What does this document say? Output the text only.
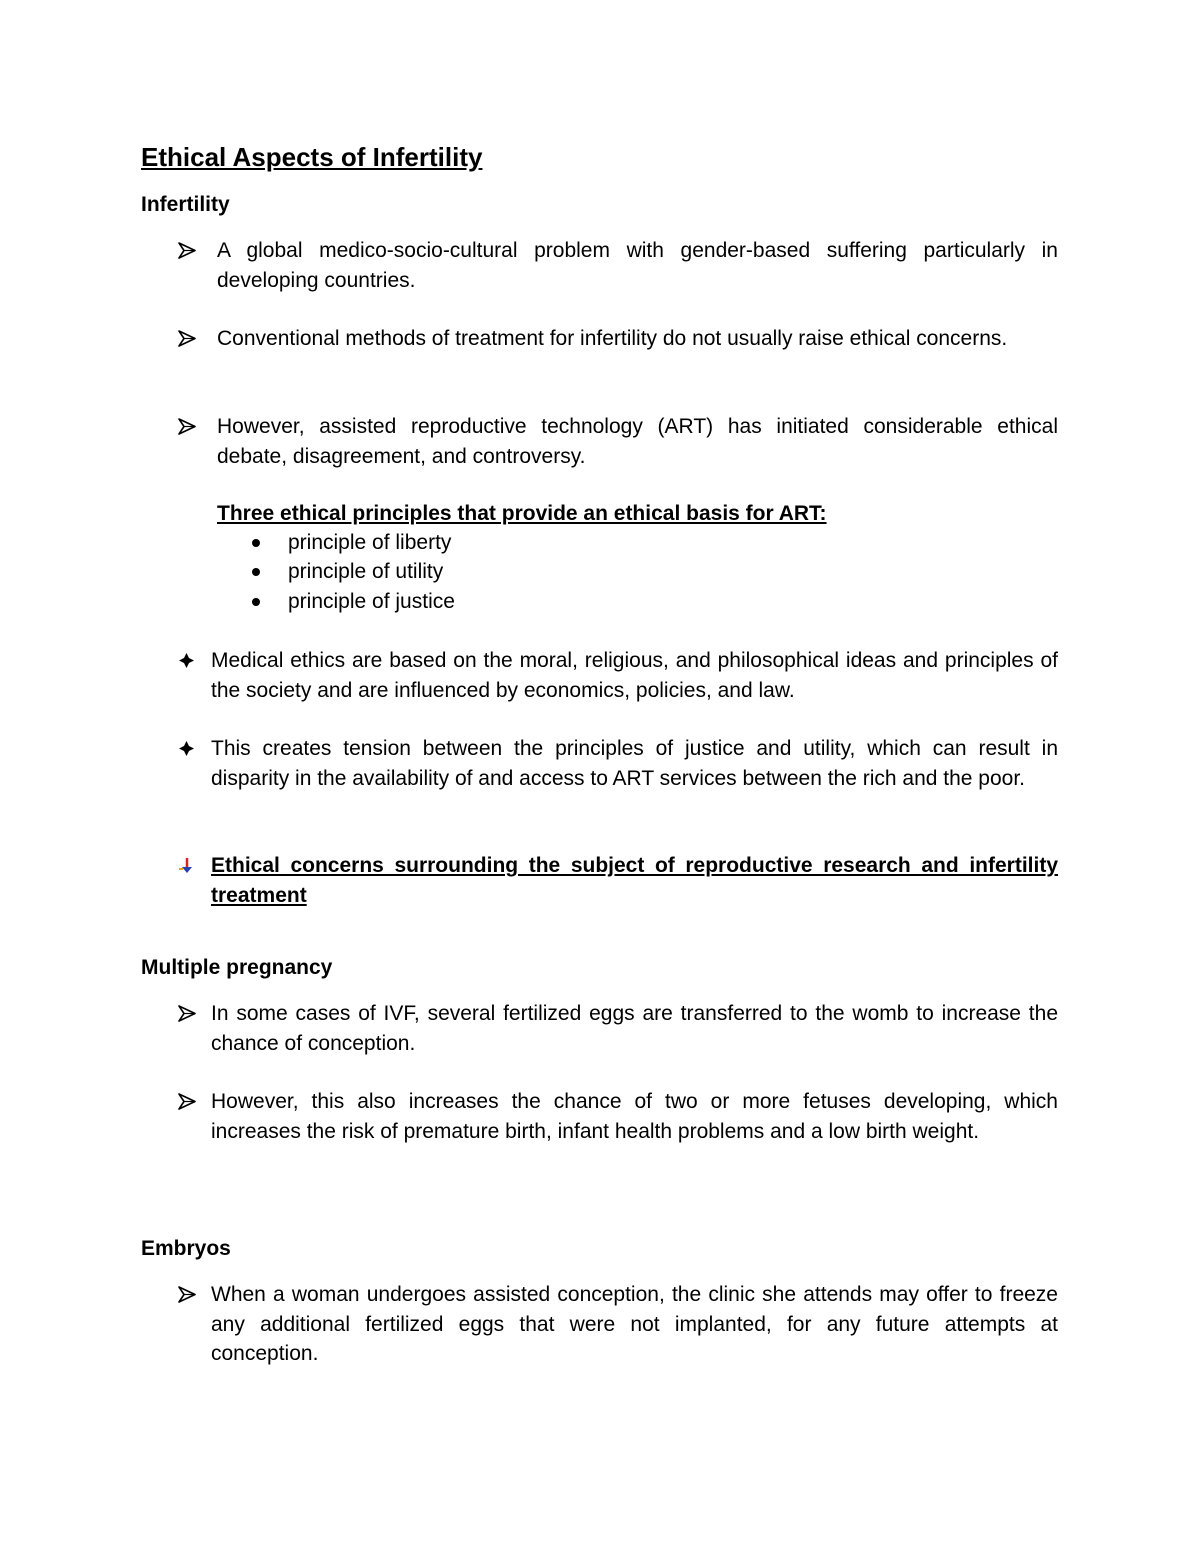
Ethical Aspects of Infertility
Infertility
A global medico-socio-cultural problem with gender-based suffering particularly in developing countries.
Conventional methods of treatment for infertility do not usually raise ethical concerns.
However, assisted reproductive technology (ART) has initiated considerable ethical debate, disagreement, and controversy.

Three ethical principles that provide an ethical basis for ART:

principle of liberty
principle of utility
principle of justice
Medical ethics are based on the moral, religious, and philosophical ideas and principles of the society and are influenced by economics, policies, and law.
This creates tension between the principles of justice and utility, which can result in disparity in the availability of and access to ART services between the rich and the poor.
Ethical concerns surrounding the subject of reproductive research and infertility treatment
Multiple pregnancy
In some cases of IVF, several fertilized eggs are transferred to the womb to increase the chance of conception.
However, this also increases the chance of two or more fetuses developing, which increases the risk of premature birth, infant health problems and a low birth weight.
Embryos
When a woman undergoes assisted conception, the clinic she attends may offer to freeze any additional fertilized eggs that were not implanted, for any future attempts at conception.
